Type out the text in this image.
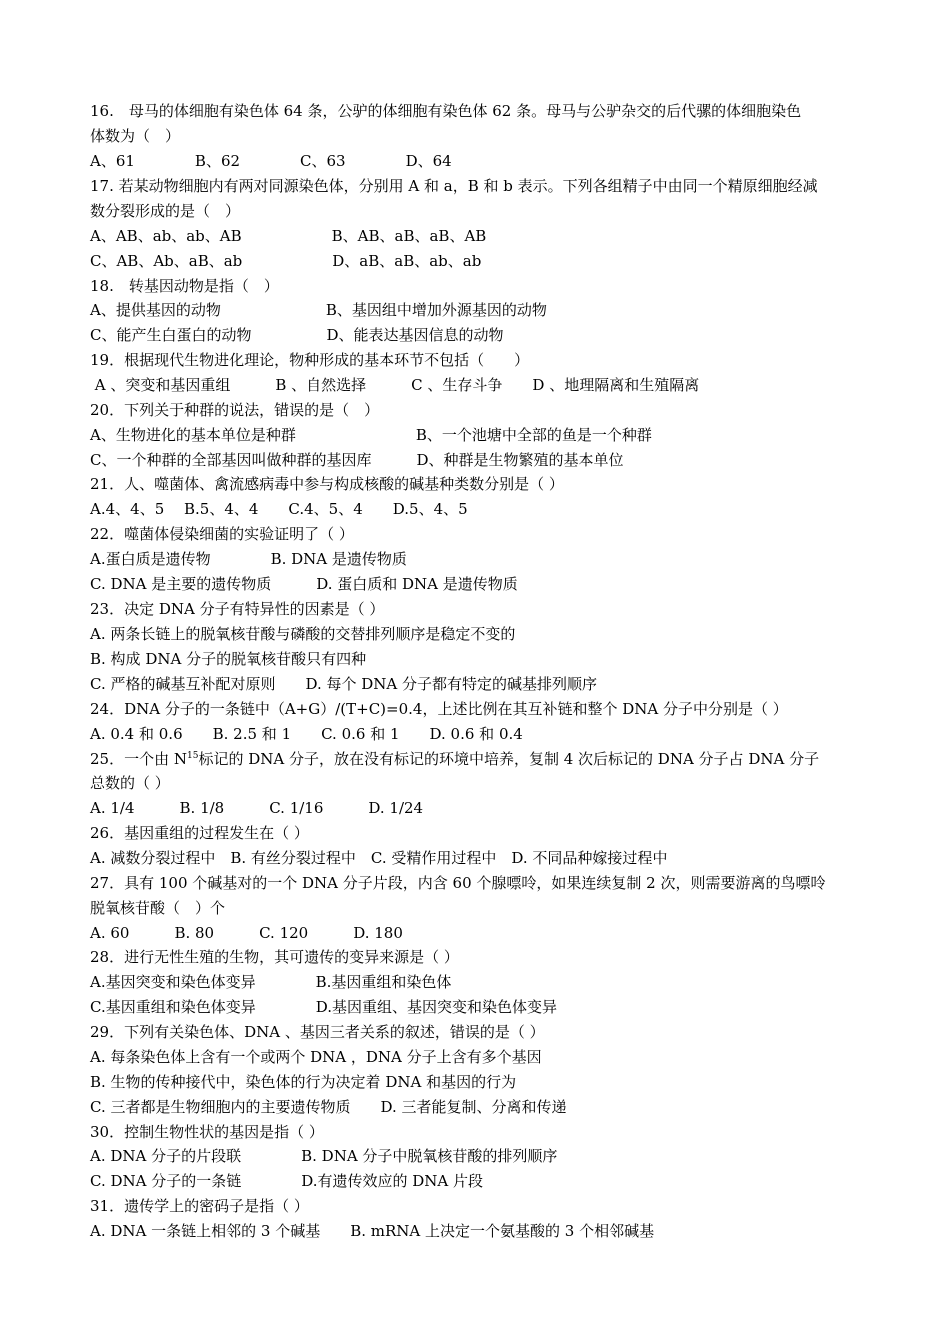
16.　母马的体细胞有染色体 64 条，公驴的体细胞有染色体 62 条。母马与公驴杂交的后代骡的体细胞染色
体数为（　）
A、61　　　　B、62　　　　C、63　　　　D、64
17. 若某动物细胞内有两对同源染色体，分别用 A 和 a，B 和 b 表示。下列各组精子中由同一个精原细胞经减
数分裂形成的是（　）
A、AB、ab、ab、AB　　　　　　B、AB、aB、aB、AB
C、AB、Ab、aB、ab　　　　　　D、aB、aB、ab、ab
18.　转基因动物是指（　）
A、提供基因的动物　　　　　　　B、基因组中增加外源基因的动物
C、能产生白蛋白的动物　　　　　D、能表达基因信息的动物
19．根据现代生物进化理论，物种形成的基本环节不包括（　　）
A 、突变和基因重组　　　B 、自然选择　　　C 、生存斗争　　D 、地理隔离和生殖隔离
20．下列关于种群的说法，错误的是（　）
A、生物进化的基本单位是种群　　　　　　　　B、一个池塘中全部的鱼是一个种群
C、一个种群的全部基因叫做种群的基因库　　　D、种群是生物繁殖的基本单位
21．人、噬菌体、禽流感病毒中参与构成核酸的碱基种类数分别是（ ）
A.4、4、5　 B.5、4、4　　C.4、5、4　　D.5、4、5
22．噬菌体侵染细菌的实验证明了（ ）
A.蛋白质是遗传物　　　　B. DNA 是遗传物质
C. DNA 是主要的遗传物质　　　D. 蛋白质和 DNA 是遗传物质
23．决定 DNA 分子有特异性的因素是（ ）
A. 两条长链上的脱氧核苷酸与磷酸的交替排列顺序是稳定不变的
B. 构成 DNA 分子的脱氧核苷酸只有四种
C. 严格的碱基互补配对原则　　D. 每个 DNA 分子都有特定的碱基排列顺序
24．DNA 分子的一条链中（A+G）/(T+C)=0.4，上述比例在其互补链和整个 DNA 分子中分别是（ ）
A. 0.4 和 0.6　　B. 2.5 和 1　　C. 0.6 和 1　　D. 0.6 和 0.4
25．一个由 $N^{15}$标记的 DNA 分子，放在没有标记的环境中培养，复制 4 次后标记的 DNA 分子占 DNA 分子
总数的（ ）
A. 1/4　　　B. 1/8　　　C. 1/16　　　D. 1/24
26．基因重组的过程发生在（ ）
A. 减数分裂过程中　B. 有丝分裂过程中　C. 受精作用过程中　D. 不同品种嫁接过程中
27．具有 100 个碱基对的一个 DNA 分子片段，内含 60 个腺嘌呤，如果连续复制 2 次，则需要游离的鸟嘌呤
脱氧核苷酸（　）个
A. 60　　　B. 80　　　C. 120　　　D. 180
28．进行无性生殖的生物，其可遗传的变异来源是（ ）
A.基因突变和染色体变异　　　　B.基因重组和染色体
C.基因重组和染色体变异　　　　D.基因重组、基因突变和染色体变异
29．下列有关染色体、DNA 、基因三者关系的叙述，错误的是（ ）
A. 每条染色体上含有一个或两个 DNA ，DNA 分子上含有多个基因
B. 生物的传种接代中，染色体的行为决定着 DNA 和基因的行为
C. 三者都是生物细胞内的主要遗传物质　　D. 三者能复制、分离和传递
30．控制生物性状的基因是指（ ）
A. DNA 分子的片段联　　　　B. DNA 分子中脱氧核苷酸的排列顺序
C. DNA 分子的一条链　　　　D.有遗传效应的 DNA 片段
31．遗传学上的密码子是指（ ）
A. DNA 一条链上相邻的 3 个碱基　　B. mRNA 上决定一个氨基酸的 3 个相邻碱基
